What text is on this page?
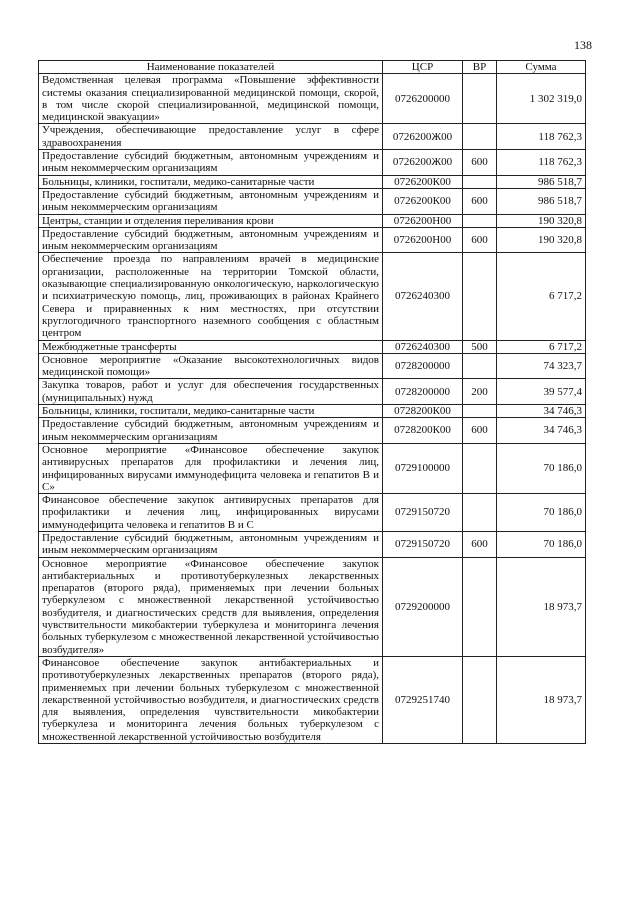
138
Наименование показателей	ЦСР	ВР	Сумма
Ведомственная целевая программа «Повышение эффективности системы оказания специализированной медицинской помощи, скорой, в том числе скорой специализированной, медицинской помощи, медицинской эвакуации»	0726200000		1 302 319,0
Учреждения, обеспечивающие предоставление услуг в сфере здравоохранения	0726200Ж00		118 762,3
Предоставление субсидий бюджетным, автономным учреждениям и иным некоммерческим организациям	0726200Ж00	600	118 762,3
Больницы, клиники, госпитали, медико-санитарные части	0726200К00		986 518,7
Предоставление субсидий бюджетным, автономным учреждениям и иным некоммерческим организациям	0726200К00	600	986 518,7
Центры, станции и отделения переливания крови	0726200Н00		190 320,8
Предоставление субсидий бюджетным, автономным учреждениям и иным некоммерческим организациям	0726200Н00	600	190 320,8
Обеспечение проезда по направлениям врачей в медицинские организации, расположенные на территории Томской области, оказывающие специализированную онкологическую, наркологическую и психиатрическую помощь, лиц, проживающих в районах Крайнего Севера и приравненных к ним местностях, при отсутствии круглогодичного транспортного наземного сообщения с областным центром	0726240300		6 717,2
Межбюджетные трансферты	0726240300	500	6 717,2
Основное мероприятие «Оказание высокотехнологичных видов медицинской помощи»	0728200000		74 323,7
Закупка товаров, работ и услуг для обеспечения государственных (муниципальных) нужд	0728200000	200	39 577,4
Больницы, клиники, госпитали, медико-санитарные части	0728200К00		34 746,3
Предоставление субсидий бюджетным, автономным учреждениям и иным некоммерческим организациям	0728200К00	600	34 746,3
Основное мероприятие «Финансовое обеспечение закупок антивирусных препаратов для профилактики и лечения лиц, инфицированных вирусами иммунодефицита человека и гепатитов В и С»	0729100000		70 186,0
Финансовое обеспечение закупок антивирусных препаратов для профилактики и лечения лиц, инфицированных вирусами иммунодефицита человека и гепатитов В и С	0729150720		70 186,0
Предоставление субсидий бюджетным, автономным учреждениям и иным некоммерческим организациям	0729150720	600	70 186,0
Основное мероприятие «Финансовое обеспечение закупок антибактериальных и противотуберкулезных лекарственных препаратов (второго ряда), применяемых при лечении больных туберкулезом с множественной лекарственной устойчивостью возбудителя, и диагностических средств для выявления, определения чувствительности микобактерии туберкулеза и мониторинга лечения больных туберкулезом с множественной лекарственной устойчивостью возбудителя»	0729200000		18 973,7
Финансовое обеспечение закупок антибактериальных и противотуберкулезных лекарственных препаратов (второго ряда), применяемых при лечении больных туберкулезом с множественной лекарственной устойчивостью возбудителя, и диагностических средств для выявления, определения чувствительности микобактерии туберкулеза и мониторинга лечения больных туберкулезом с множественной лекарственной устойчивостью возбудителя	0729251740		18 973,7
